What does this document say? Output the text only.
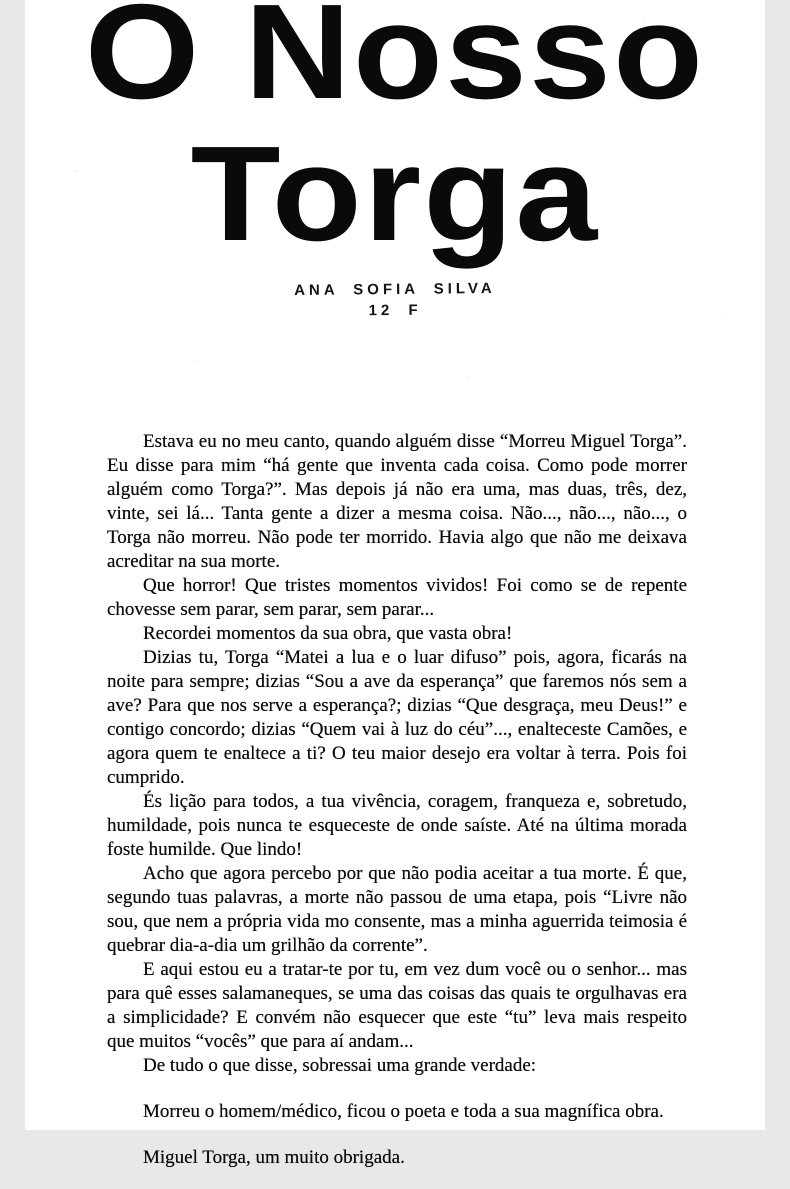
O Nosso
Torga
ANA SOFIA SILVA
12 F

Estava eu no meu canto, quando alguém disse “Morreu Miguel Torga”. Eu disse para mim “há gente que inventa cada coisa. Como pode morrer alguém como Torga?”. Mas depois já não era uma, mas duas, três, dez, vinte, sei lá... Tanta gente a dizer a mesma coisa. Não..., não..., não..., o Torga não morreu. Não pode ter morrido. Havia algo que não me deixava acreditar na sua morte.

Que horror! Que tristes momentos vividos! Foi como se de repente chovesse sem parar, sem parar, sem parar...

Recordei momentos da sua obra, que vasta obra!

Dizias tu, Torga “Matei a lua e o luar difuso” pois, agora, ficarás na noite para sempre; dizias “Sou a ave da esperança” que faremos nós sem a ave? Para que nos serve a esperança?; dizias “Que desgraça, meu Deus!” e contigo concordo; dizias “Quem vai à luz do céu”..., enalteceste Camões, e agora quem te enaltece a ti? O teu maior desejo era voltar à terra. Pois foi cumprido.

És lição para todos, a tua vivência, coragem, franqueza e, sobretudo, humildade, pois nunca te esqueceste de onde saíste. Até na última morada foste humilde. Que lindo!

Acho que agora percebo por que não podia aceitar a tua morte. É que, segundo tuas palavras, a morte não passou de uma etapa, pois “Livre não sou, que nem a própria vida mo consente, mas a minha aguerrida teimosia é quebrar dia-a-dia um grilhão da corrente”.

E aqui estou eu a tratar-te por tu, em vez dum você ou o senhor... mas para quê esses salamaneques, se uma das coisas das quais te orgulhavas era a simplicidade? E convém não esquecer que este “tu” leva mais respeito que muitos “vocês” que para aí andam...

De tudo o que disse, sobressai uma grande verdade:

Morreu o homem/médico, ficou o poeta e toda a sua magnífica obra.

Miguel Torga, um muito obrigada.
